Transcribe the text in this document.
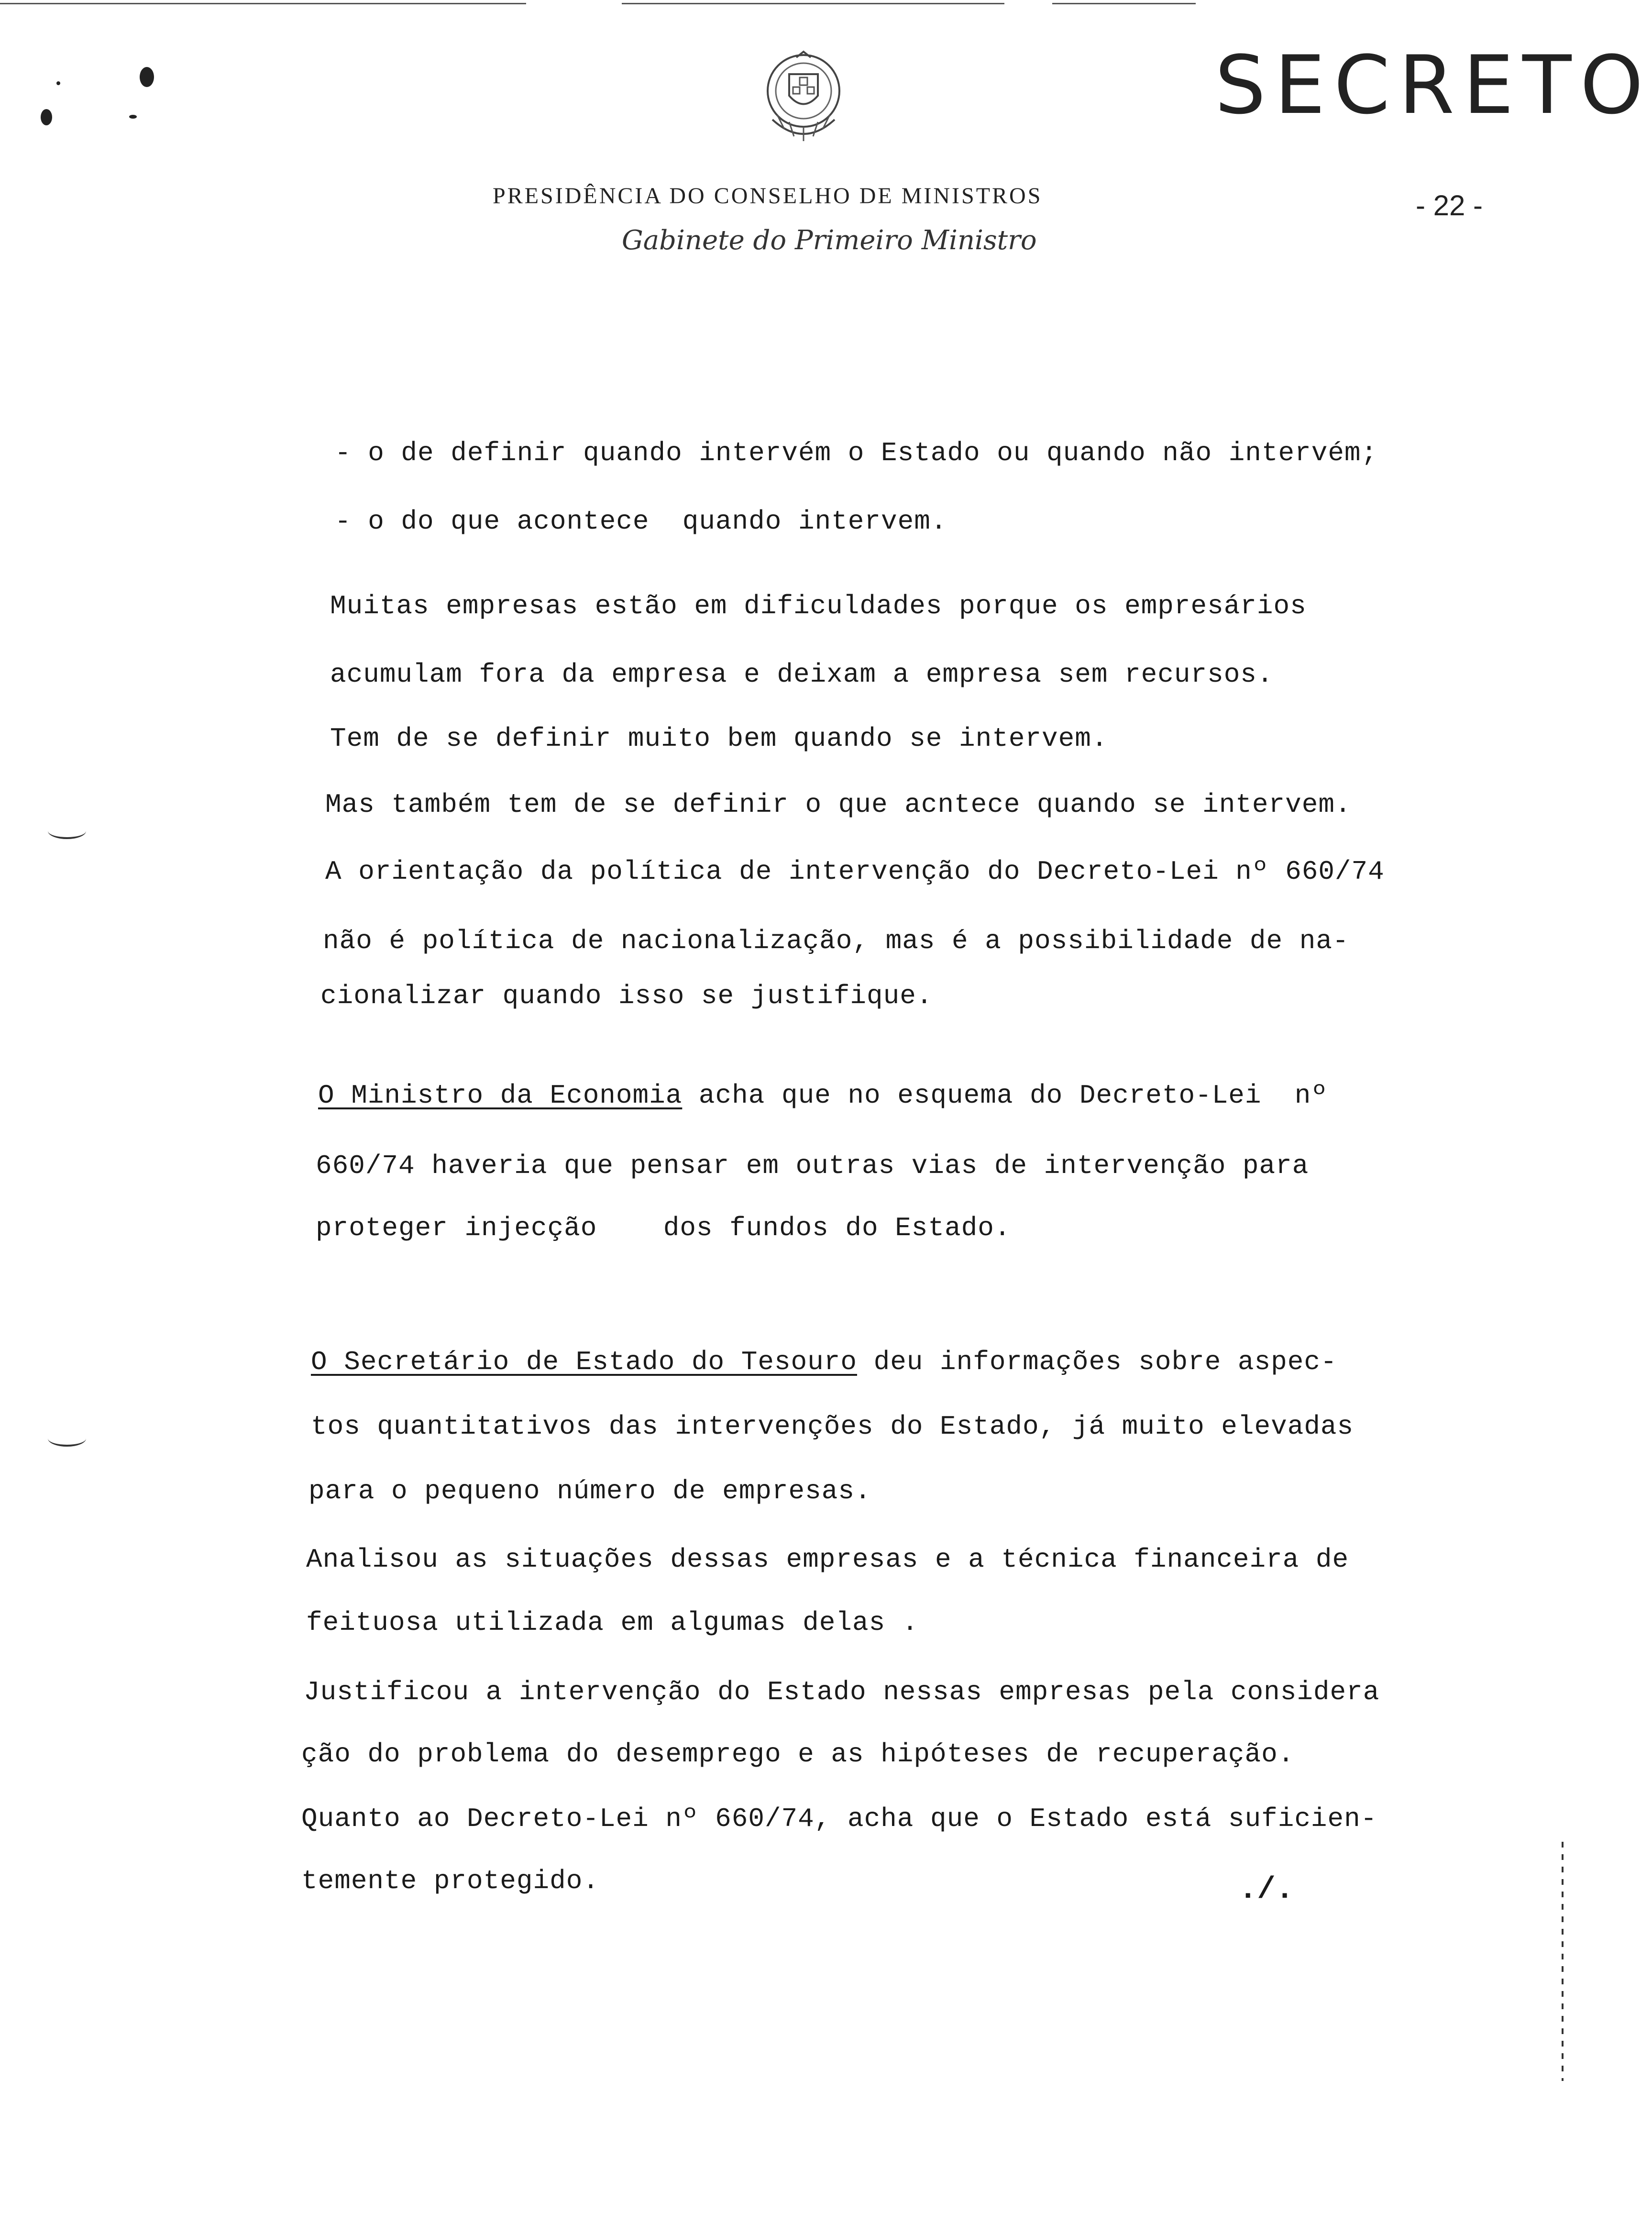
SECRETO
- 22 -
PRESIDÊNCIA DO CONSELHO DE MINISTROS
Gabinete do Primeiro Ministro
- o de definir quando intervém o Estado ou quando não intervém;
- o do que acontece  quando intervem.
Muitas empresas estão em dificuldades porque os empresários
acumulam fora da empresa e deixam a empresa sem recursos.
Tem de se definir muito bem quando se intervem.
Mas também tem de se definir o que acntece quando se intervem.
A orientação da política de intervenção do Decreto-Lei nº 660/74
não é política de nacionalização, mas é a possibilidade de na-
cionalizar quando isso se justifique.
O Ministro da Economia acha que no esquema do Decreto-Lei  nº
660/74 haveria que pensar em outras vias de intervenção para
proteger injecção    dos fundos do Estado.
O Secretário de Estado do Tesouro deu informações sobre aspec-
tos quantitativos das intervenções do Estado, já muito elevadas
para o pequeno número de empresas.
Analisou as situações dessas empresas e a técnica financeira de
feituosa utilizada em algumas delas .
Justificou a intervenção do Estado nessas empresas pela considera
ção do problema do desemprego e as hipóteses de recuperação.
Quanto ao Decreto-Lei nº 660/74, acha que o Estado está suficien-
temente protegido.	./.
